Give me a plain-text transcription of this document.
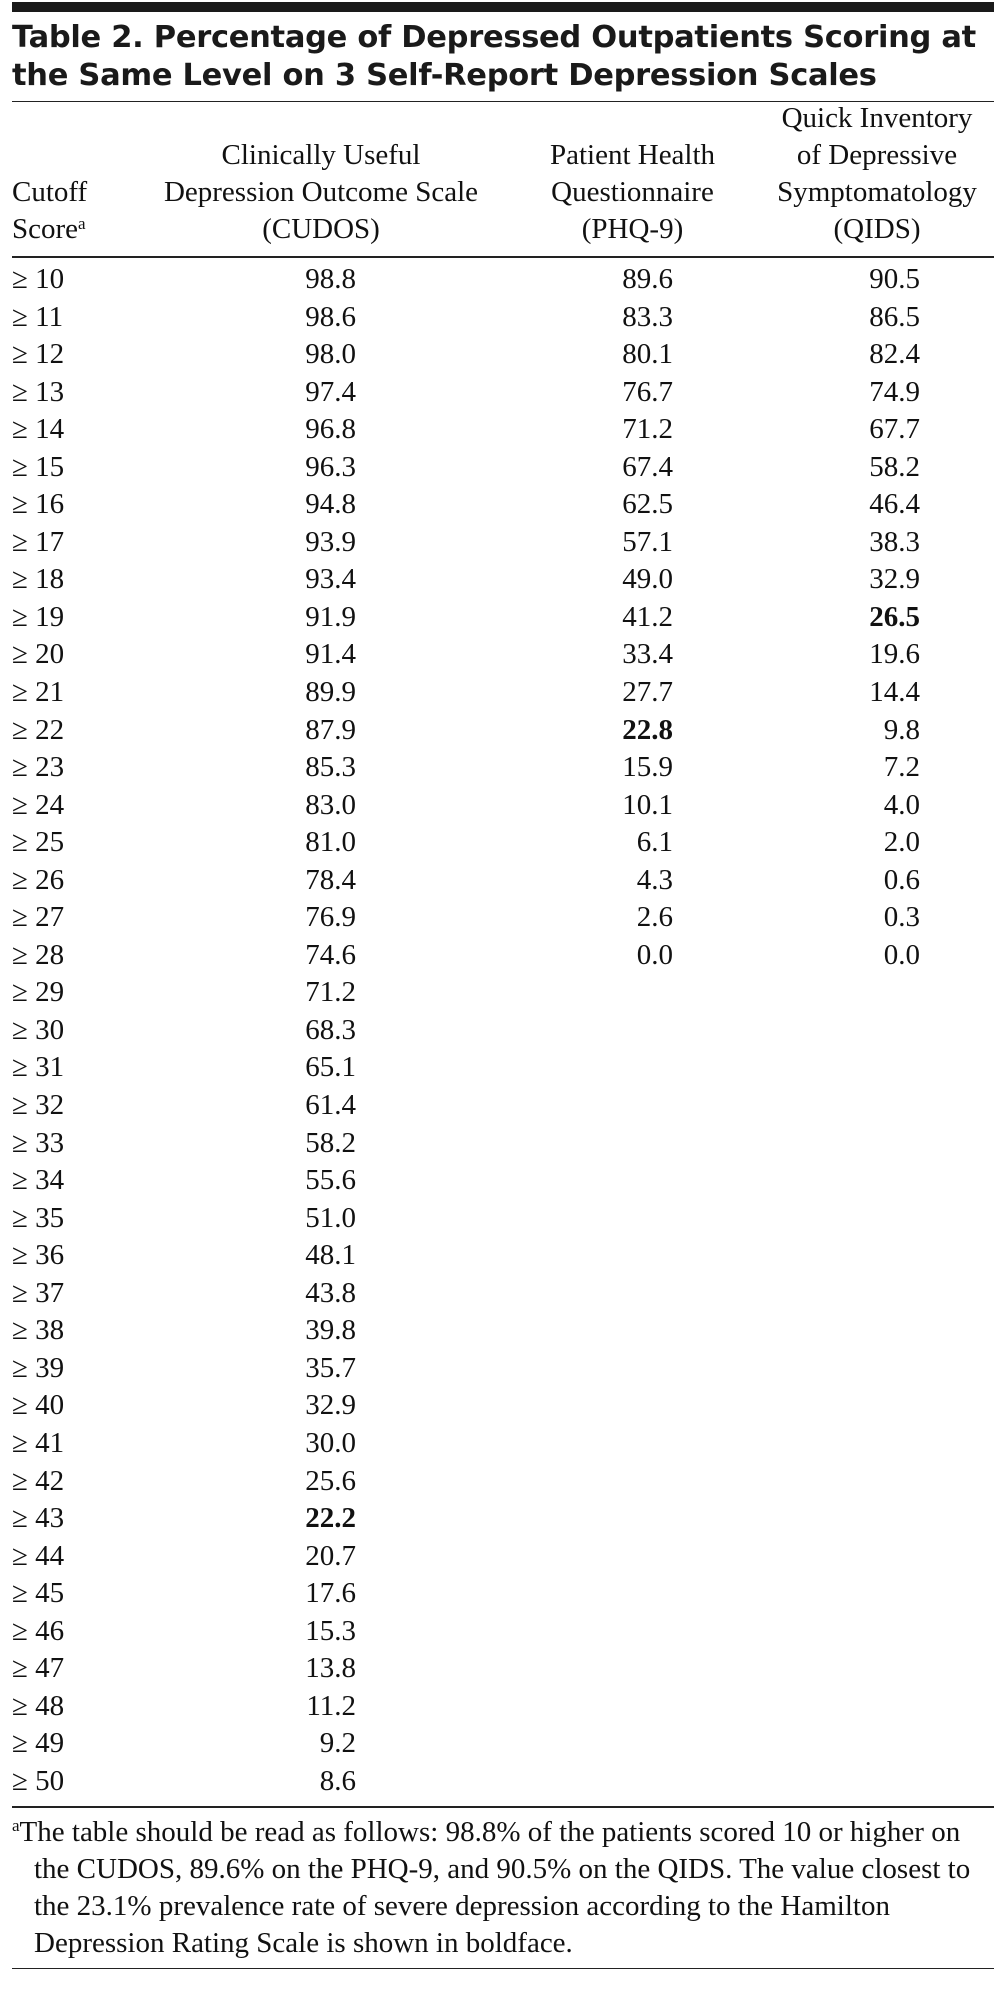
Table 2. Percentage of Depressed Outpatients Scoring at the Same Level on 3 Self-Report Depression Scales
Cutoff
Score$^a$
Clinically Useful
Depression Outcome Scale
(CUDOS)
Patient Health
Questionnaire
(PHQ-9)
Quick Inventory
of Depressive
Symptomatology
(QIDS)
≥ 10	98.8	89.6	90.5
≥ 11	98.6	83.3	86.5
≥ 12	98.0	80.1	82.4
≥ 13	97.4	76.7	74.9
≥ 14	96.8	71.2	67.7
≥ 15	96.3	67.4	58.2
≥ 16	94.8	62.5	46.4
≥ 17	93.9	57.1	38.3
≥ 18	93.4	49.0	32.9
≥ 19	91.9	41.2	26.5
≥ 20	91.4	33.4	19.6
≥ 21	89.9	27.7	14.4
≥ 22	87.9	22.8	9.8
≥ 23	85.3	15.9	7.2
≥ 24	83.0	10.1	4.0
≥ 25	81.0	6.1	2.0
≥ 26	78.4	4.3	0.6
≥ 27	76.9	2.6	0.3
≥ 28	74.6	0.0	0.0
≥ 29	71.2
≥ 30	68.3
≥ 31	65.1
≥ 32	61.4
≥ 33	58.2
≥ 34	55.6
≥ 35	51.0
≥ 36	48.1
≥ 37	43.8
≥ 38	39.8
≥ 39	35.7
≥ 40	32.9
≥ 41	30.0
≥ 42	25.6
≥ 43	22.2
≥ 44	20.7
≥ 45	17.6
≥ 46	15.3
≥ 47	13.8
≥ 48	11.2
≥ 49	9.2
≥ 50	8.6

$^a$The table should be read as follows: 98.8% of the patients scored 10 or higher on the CUDOS, 89.6% on the PHQ-9, and 90.5% on the QIDS. The value closest to the 23.1% prevalence rate of severe depression according to the Hamilton Depression Rating Scale is shown in boldface.
